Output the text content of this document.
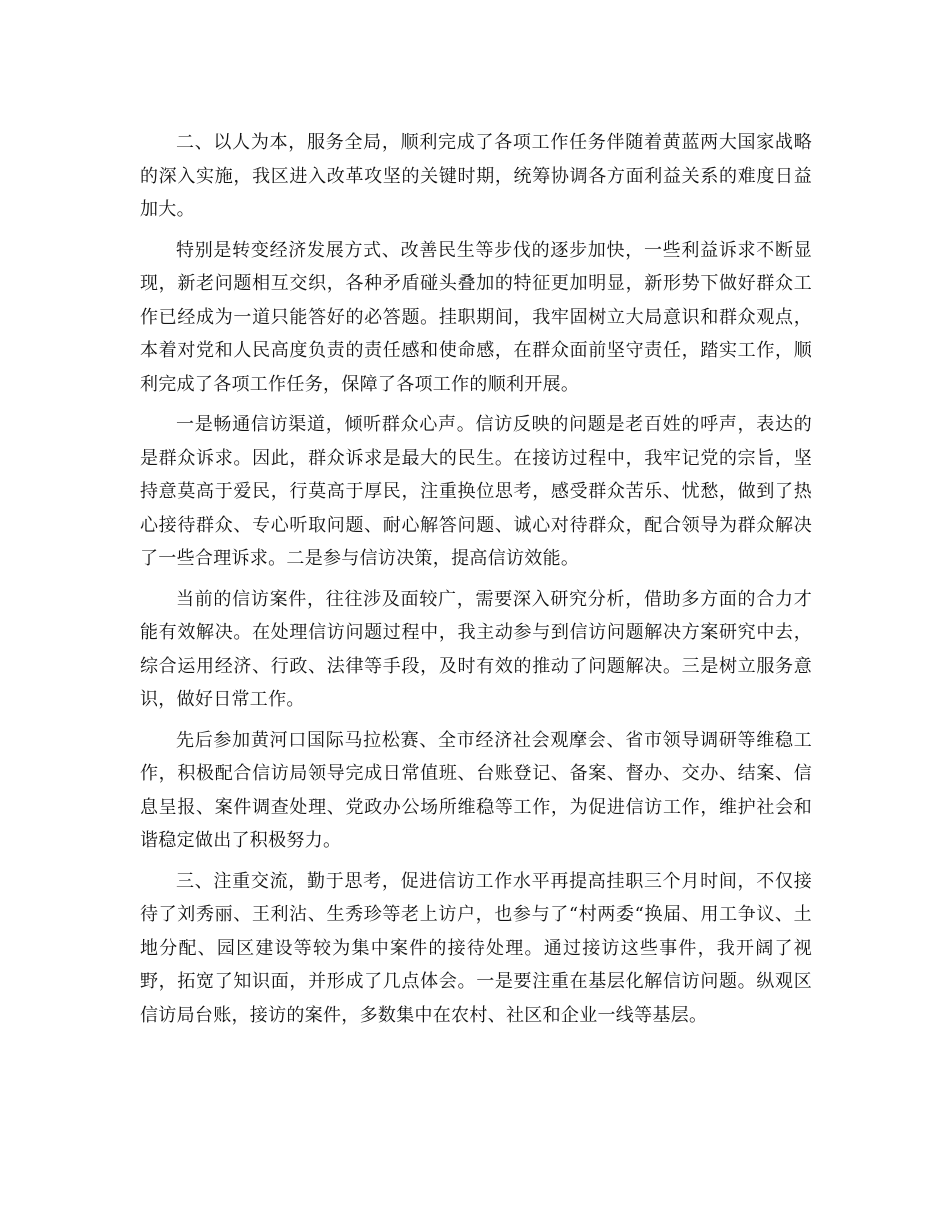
二、以人为本，服务全局，顺利完成了各项工作任务伴随着黄蓝两大国家战略的深入实施，我区进入改革攻坚的关键时期，统筹协调各方面利益关系的难度日益加大。

特别是转变经济发展方式、改善民生等步伐的逐步加快，一些利益诉求不断显现，新老问题相互交织，各种矛盾碰头叠加的特征更加明显，新形势下做好群众工作已经成为一道只能答好的必答题。挂职期间，我牢固树立大局意识和群众观点，本着对党和人民高度负责的责任感和使命感，在群众面前坚守责任，踏实工作，顺利完成了各项工作任务，保障了各项工作的顺利开展。

一是畅通信访渠道，倾听群众心声。信访反映的问题是老百姓的呼声，表达的是群众诉求。因此，群众诉求是最大的民生。在接访过程中，我牢记党的宗旨，坚持意莫高于爱民，行莫高于厚民，注重换位思考，感受群众苦乐、忧愁，做到了热心接待群众、专心听取问题、耐心解答问题、诚心对待群众，配合领导为群众解决了一些合理诉求。二是参与信访决策，提高信访效能。

当前的信访案件，往往涉及面较广，需要深入研究分析，借助多方面的合力才能有效解决。在处理信访问题过程中，我主动参与到信访问题解决方案研究中去，综合运用经济、行政、法律等手段，及时有效的推动了问题解决。三是树立服务意识，做好日常工作。

先后参加黄河口国际马拉松赛、全市经济社会观摩会、省市领导调研等维稳工作，积极配合信访局领导完成日常值班、台账登记、备案、督办、交办、结案、信息呈报、案件调查处理、党政办公场所维稳等工作，为促进信访工作，维护社会和谐稳定做出了积极努力。

三、注重交流，勤于思考，促进信访工作水平再提高挂职三个月时间，不仅接待了刘秀丽、王利沾、生秀珍等老上访户，也参与了“村两委“换届、用工争议、土地分配、园区建设等较为集中案件的接待处理。通过接访这些事件，我开阔了视野，拓宽了知识面，并形成了几点体会。一是要注重在基层化解信访问题。纵观区信访局台账，接访的案件，多数集中在农村、社区和企业一线等基层。
